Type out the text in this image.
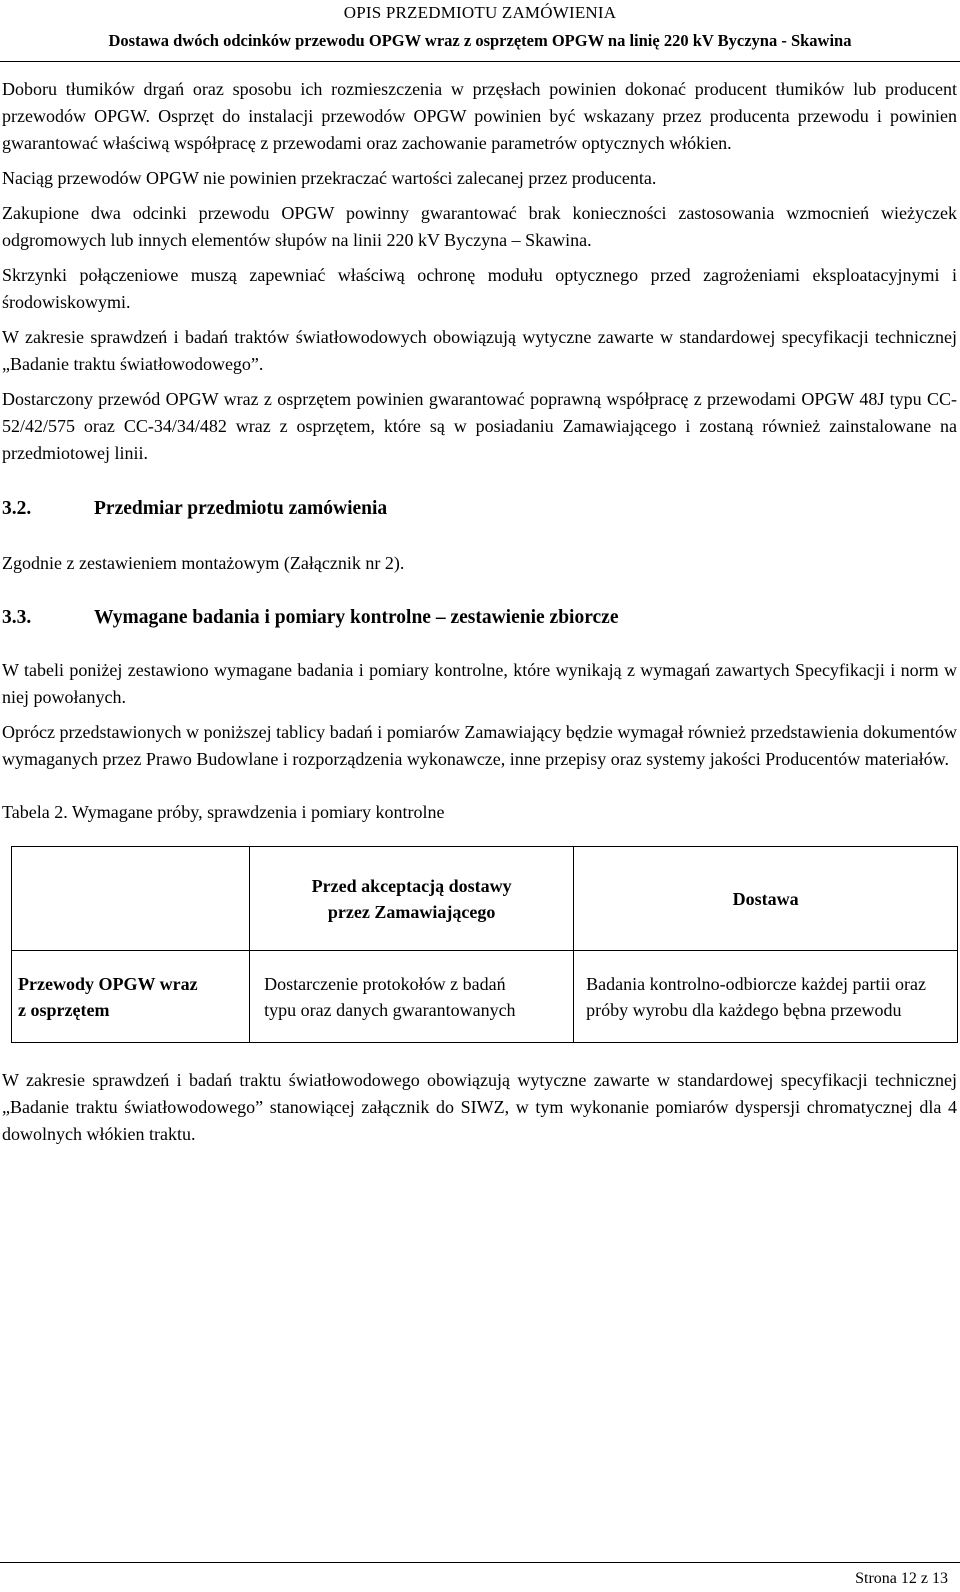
OPIS PRZEDMIOTU ZAMÓWIENIA
Dostawa dwóch odcinków przewodu OPGW wraz z osprzętem OPGW na linię 220 kV Byczyna - Skawina

Doboru tłumików drgań oraz sposobu ich rozmieszczenia w przęsłach powinien dokonać producent tłumików lub producent przewodów OPGW. Osprzęt do instalacji przewodów OPGW powinien być wskazany przez producenta przewodu i powinien gwarantować właściwą współpracę z przewodami oraz zachowanie parametrów optycznych włókien.

Naciąg przewodów OPGW nie powinien przekraczać wartości zalecanej przez producenta.

Zakupione dwa odcinki przewodu OPGW powinny gwarantować brak konieczności zastosowania wzmocnień wieżyczek odgromowych lub innych elementów słupów na linii 220 kV Byczyna – Skawina.

Skrzynki połączeniowe muszą zapewniać właściwą ochronę modułu optycznego przed zagrożeniami eksploatacyjnymi i środowiskowymi.

W zakresie sprawdzeń i badań traktów światłowodowych obowiązują wytyczne zawarte w standardowej specyfikacji technicznej „Badanie traktu światłowodowego”.

Dostarczony przewód OPGW wraz z osprzętem powinien gwarantować poprawną współpracę z przewodami OPGW 48J typu CC-52/42/575 oraz CC-34/34/482 wraz z osprzętem, które są w posiadaniu Zamawiającego i zostaną również zainstalowane na przedmiotowej linii.

3.2.	Przedmiar przedmiotu zamówienia

Zgodnie z zestawieniem montażowym (Załącznik nr 2).

3.3.	Wymagane badania i pomiary kontrolne – zestawienie zbiorcze

W tabeli poniżej zestawiono wymagane badania i pomiary kontrolne, które wynikają z wymagań zawartych Specyfikacji i norm w niej powołanych.

Oprócz przedstawionych w poniższej tablicy badań i pomiarów Zamawiający będzie wymagał również przedstawienia dokumentów wymaganych przez Prawo Budowlane i rozporządzenia wykonawcze, inne przepisy oraz systemy jakości Producentów materiałów.

Tabela 2. Wymagane próby, sprawdzenia i pomiary kontrolne

	Przed akceptacją dostawy przez Zamawiającego	Dostawa

Przewody OPGW wraz z osprzętem	Dostarczenie protokołów z badań typu oraz danych gwarantowanych	Badania kontrolno-odbiorcze każdej partii oraz próby wyrobu dla każdego bębna przewodu

W zakresie sprawdzeń i badań traktu światłowodowego obowiązują wytyczne zawarte w standardowej specyfikacji technicznej „Badanie traktu światłowodowego” stanowiącej załącznik do SIWZ, w tym wykonanie pomiarów dyspersji chromatycznej dla 4 dowolnych włókien traktu.

Strona 12 z 13
